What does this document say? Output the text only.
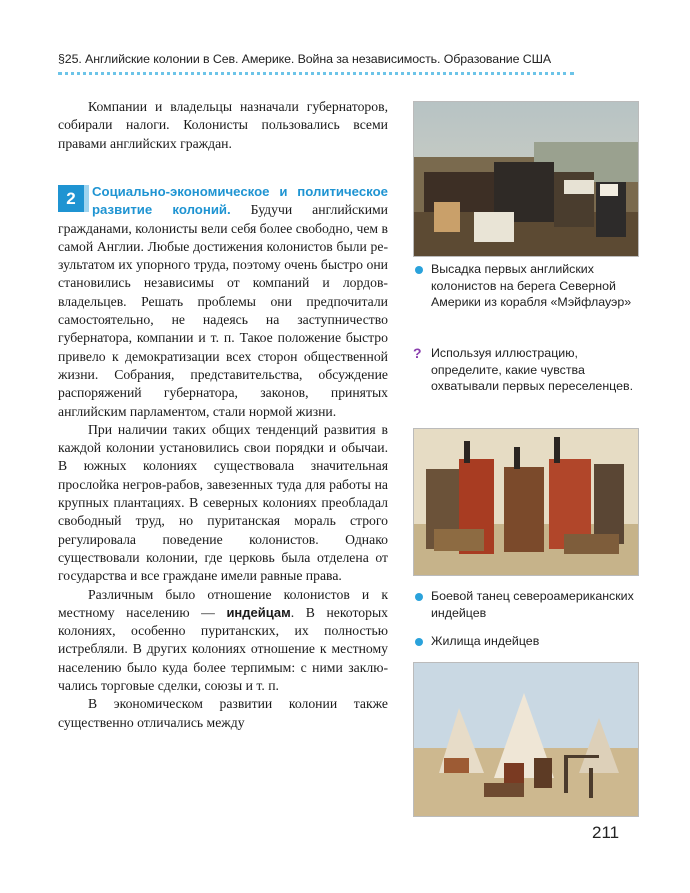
§25. Английские колонии в Сев. Америке. Война за независимость. Образование США

Компании и владельцы назначали губернаторов, собирали налоги. Колонисты пользовались всеми правами английских граждан.

2	Социально-экономическое и политическое развитие колоний. Будучи английскими гражданами, колонисты вели себя более свободно, чем в самой Англии. Любые достижения колонистов были результатом их упорного труда, поэтому очень быстро они становились независимы от компаний и лордов-владельцев. Решать проблемы они предпочитали самостоятельно, не надеясь на заступничество губернатора, компании и т. п. Такое положение быстро привело к демократизации всех сторон общественной жизни. Собрания, представительства, обсуждение распоряжений губернатора, законов, принятых английским парламентом, стали нормой жизни.

При наличии таких общих тенденций развития в каждой колонии установились свои порядки и обычаи. В южных колониях существовала значительная прослойка негров-рабов, завезенных туда для работы на крупных плантациях. В северных колониях преобладал свободный труд, но пуританская мораль строго регулировала поведение колонистов. Однако существовали колонии, где церковь была отделена от государства и все граждане имели равные права.

Различным было отношение колонистов и к местному населению — индейцам. В некоторых колониях, особенно пуританских, их полностью истребляли. В других колониях отношение к местному населению было куда более терпимым: с ними заключались торговые сделки, союзы и т. п.

В экономическом развитии колонии также существенно отличались между

Высадка первых английских колонистов на берега Северной Америки из корабля «Мэйфлауэр»
? Используя иллюстрацию, определите, какие чувства охватывали первых переселенцев.
Боевой танец североамериканских индейцев
Жилища индейцев
211
